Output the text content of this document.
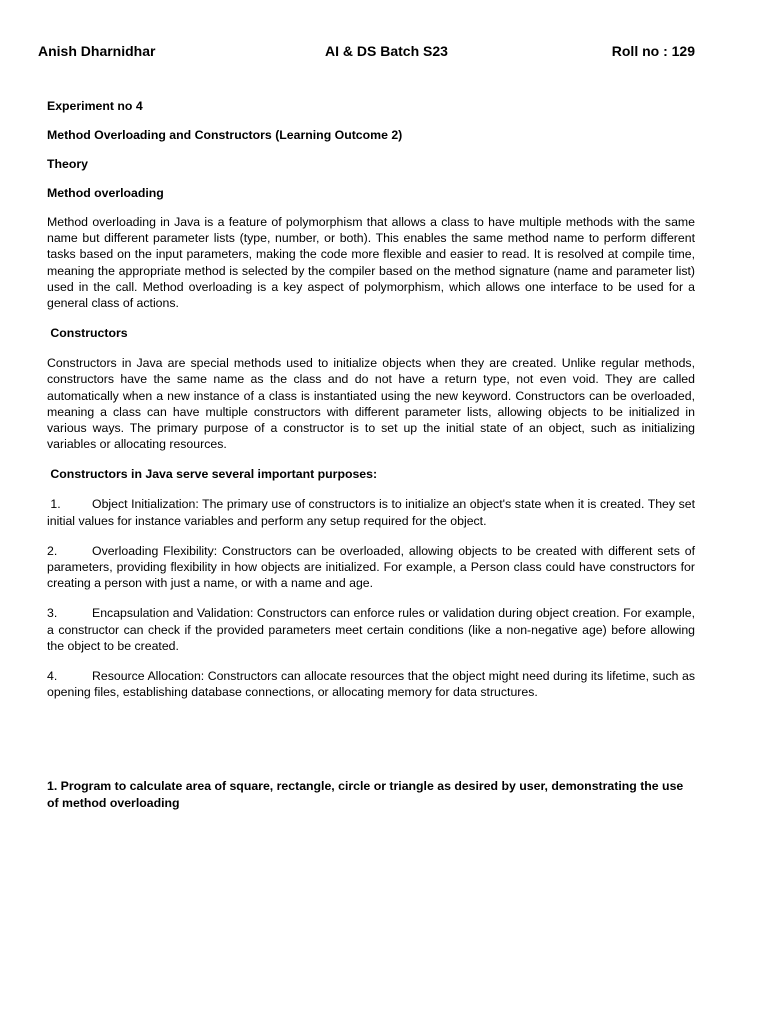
Anish Dharnidhar	AI & DS Batch S23	Roll no : 129

Experiment no 4

Method Overloading and Constructors (Learning Outcome 2)

Theory

Method overloading

Method overloading in Java is a feature of polymorphism that allows a class to have multiple methods with the same name but different parameter lists (type, number, or both). This enables the same method name to perform different tasks based on the input parameters, making the code more flexible and easier to read. It is resolved at compile time, meaning the appropriate method is selected by the compiler based on the method signature (name and parameter list) used in the call. Method overloading is a key aspect of polymorphism, which allows one interface to be used for a general class of actions.

Constructors

Constructors in Java are special methods used to initialize objects when they are created. Unlike regular methods, constructors have the same name as the class and do not have a return type, not even void. They are called automatically when a new instance of a class is instantiated using the new keyword. Constructors can be overloaded, meaning a class can have multiple constructors with different parameter lists, allowing objects to be initialized in various ways. The primary purpose of a constructor is to set up the initial state of an object, such as initializing variables or allocating resources.

Constructors in Java serve several important purposes:

1.	Object Initialization: The primary use of constructors is to initialize an object's state when it is created. They set initial values for instance variables and perform any setup required for the object.

2.	Overloading Flexibility: Constructors can be overloaded, allowing objects to be created with different sets of parameters, providing flexibility in how objects are initialized. For example, a Person class could have constructors for creating a person with just a name, or with a name and age.

3.	Encapsulation and Validation: Constructors can enforce rules or validation during object creation. For example, a constructor can check if the provided parameters meet certain conditions (like a non-negative age) before allowing the object to be created.

4.	Resource Allocation: Constructors can allocate resources that the object might need during its lifetime, such as opening files, establishing database connections, or allocating memory for data structures.

1. Program to calculate area of square, rectangle, circle or triangle as desired by user, demonstrating the use of method overloading
